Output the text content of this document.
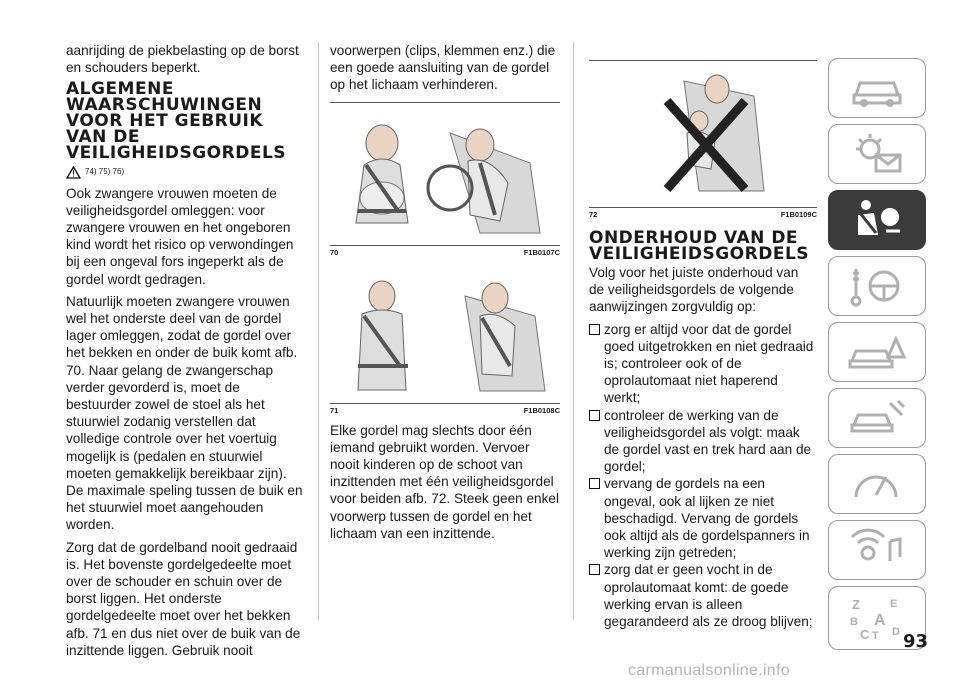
aanrijding de piekbelasting op de borst en schouders beperkt.

ALGEMENE WAARSCHUWINGEN VOOR HET GEBRUIK VAN DE VEILIGHEIDSGORDELS
74) 75) 76)

Ook zwangere vrouwen moeten de veiligheidsgordel omleggen: voor zwangere vrouwen en het ongeboren kind wordt het risico op verwondingen bij een ongeval fors ingeperkt als de gordel wordt gedragen.

Natuurlijk moeten zwangere vrouwen wel het onderste deel van de gordel lager omleggen, zodat de gordel over het bekken en onder de buik komt afb. 70. Naar gelang de zwangerschap verder gevorderd is, moet de bestuurder zowel de stoel als het stuurwiel zodanig verstellen dat volledige controle over het voertuig mogelijk is (pedalen en stuurwiel moeten gemakkelijk bereikbaar zijn). De maximale speling tussen de buik en het stuurwiel moet aangehouden worden.

Zorg dat de gordelband nooit gedraaid is. Het bovenste gordelgedeelte moet over de schouder en schuin over de borst liggen. Het onderste gordelgedeelte moet over het bekken afb. 71 en dus niet over de buik van de inzittende liggen. Gebruik nooit

voorwerpen (clips, klemmen enz.) die een goede aansluiting van de gordel op het lichaam verhinderen.

70	F1B0107C
71	F1B0108C

Elke gordel mag slechts door één iemand gebruikt worden. Vervoer nooit kinderen op de schoot van inzittenden met één veiligheidsgordel voor beiden afb. 72. Steek geen enkel voorwerp tussen de gordel en het lichaam van een inzittende.

72	F1B0109C
ONDERHOUD VAN DE VEILIGHEIDSGORDELS

Volg voor het juiste onderhoud van de veiligheidsgordels de volgende aanwijzingen zorgvuldig op:

zorg er altijd voor dat de gordel goed uitgetrokken en niet gedraaid is; controleer ook of de oprolautomaat niet haperend werkt;
controleer de werking van de veiligheidsgordel als volgt: maak de gordel vast en trek hard aan de gordel;
vervang de gordels na een ongeval, ook al lijken ze niet beschadigd. Vervang de gordels ook altijd als de gordelspanners in werking zijn getreden;
zorg dat er geen vocht in de oprolautomaat komt: de goede werking ervan is alleen gegarandeerd als ze droog blijven;
Z	E
B A
C T D 93
carmanualsonline.info
